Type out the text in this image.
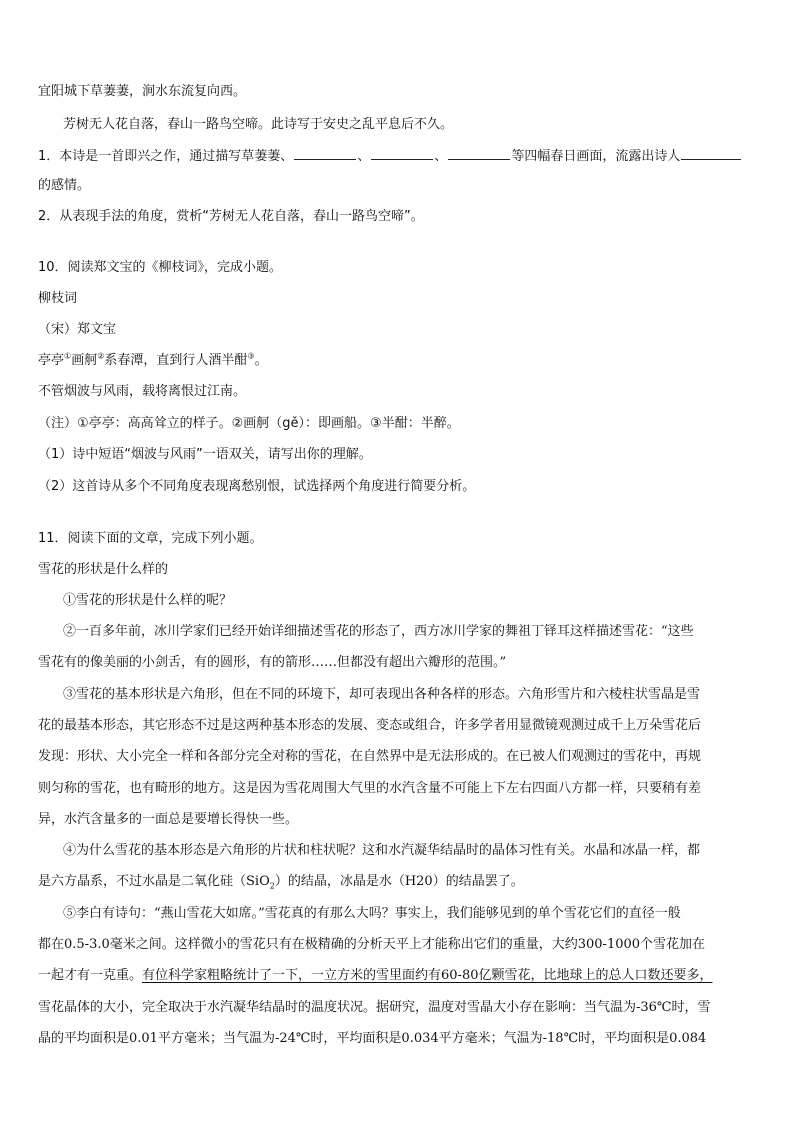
宜阳城下草萋萋，涧水东流复向西。
芳树无人花自落，春山一路鸟空啼。此诗写于安史之乱平息后不久。
1．本诗是一首即兴之作，通过描写草萋萋、	、	、	等四幅春日画面，流露出诗人
的感情。
2．从表现手法的角度，赏析“芳树无人花自落，春山一路鸟空啼”。
10．阅读郑文宝的《柳枝词》，完成小题。
柳枝词
（宋）郑文宝
亭亭①画舸②系春潭，直到行人酒半酣③。
不管烟波与风雨，载将离恨过江南。
（注）①亭亭：高高耸立的样子。②画舸（gě）：即画船。③半酣：半醉。
（1）诗中短语“烟波与风雨”一语双关，请写出你的理解。
（2）这首诗从多个不同角度表现离愁别恨，试选择两个角度进行简要分析。
11．阅读下面的文章，完成下列小题。
雪花的形状是什么样的
①雪花的形状是什么样的呢？
②一百多年前，冰川学家们已经开始详细描述雪花的形态了，西方冰川学家的舞祖丁铎耳这样描述雪花：“这些
雪花有的像美丽的小剑舌，有的圆形，有的箭形……但都没有超出六瓣形的范围。”
③雪花的基本形状是六角形，但在不同的环境下，却可表现出各种各样的形态。六角形雪片和六棱柱状雪晶是雪
花的最基本形态，其它形态不过是这两种基本形态的发展、变态或组合，许多学者用显微镜观测过成千上万朵雪花后
发现：形状、大小完全一样和各部分完全对称的雪花，在自然界中是无法形成的。在已被人们观测过的雪花中，再规
则匀称的雪花，也有畸形的地方。这是因为雪花周围大气里的水汽含量不可能上下左右四面八方都一样，只要稍有差
异，水汽含量多的一面总是要增长得快一些。
④为什么雪花的基本形态是六角形的片状和柱状呢？这和水汽凝华结晶时的晶体习性有关。水晶和冰晶一样，都
是六方晶系，不过水晶是二氧化硅（SiO$_2$）的结晶，冰晶是水（H20）的结晶罢了。
⑤李白有诗句：“燕山雪花大如席。”雪花真的有那么大吗？事实上，我们能够见到的单个雪花它们的直径一般
都在0.5-3.0毫米之间。这样微小的雪花只有在极精确的分析天平上才能称出它们的重量，大约300-1000个雪花加在
一起才有一克重。有位科学家粗略统计了一下，一立方米的雪里面约有60-80亿颗雪花，比地球上的总人口数还要多，
雪花晶体的大小，完全取决于水汽凝华结晶时的温度状况。据研究，温度对雪晶大小存在影响：当气温为-36℃时，雪
晶的平均面积是0.01平方毫米；当气温为-24℃时，平均面积是0.034平方毫米；气温为-18℃时，平均面积是0.084
